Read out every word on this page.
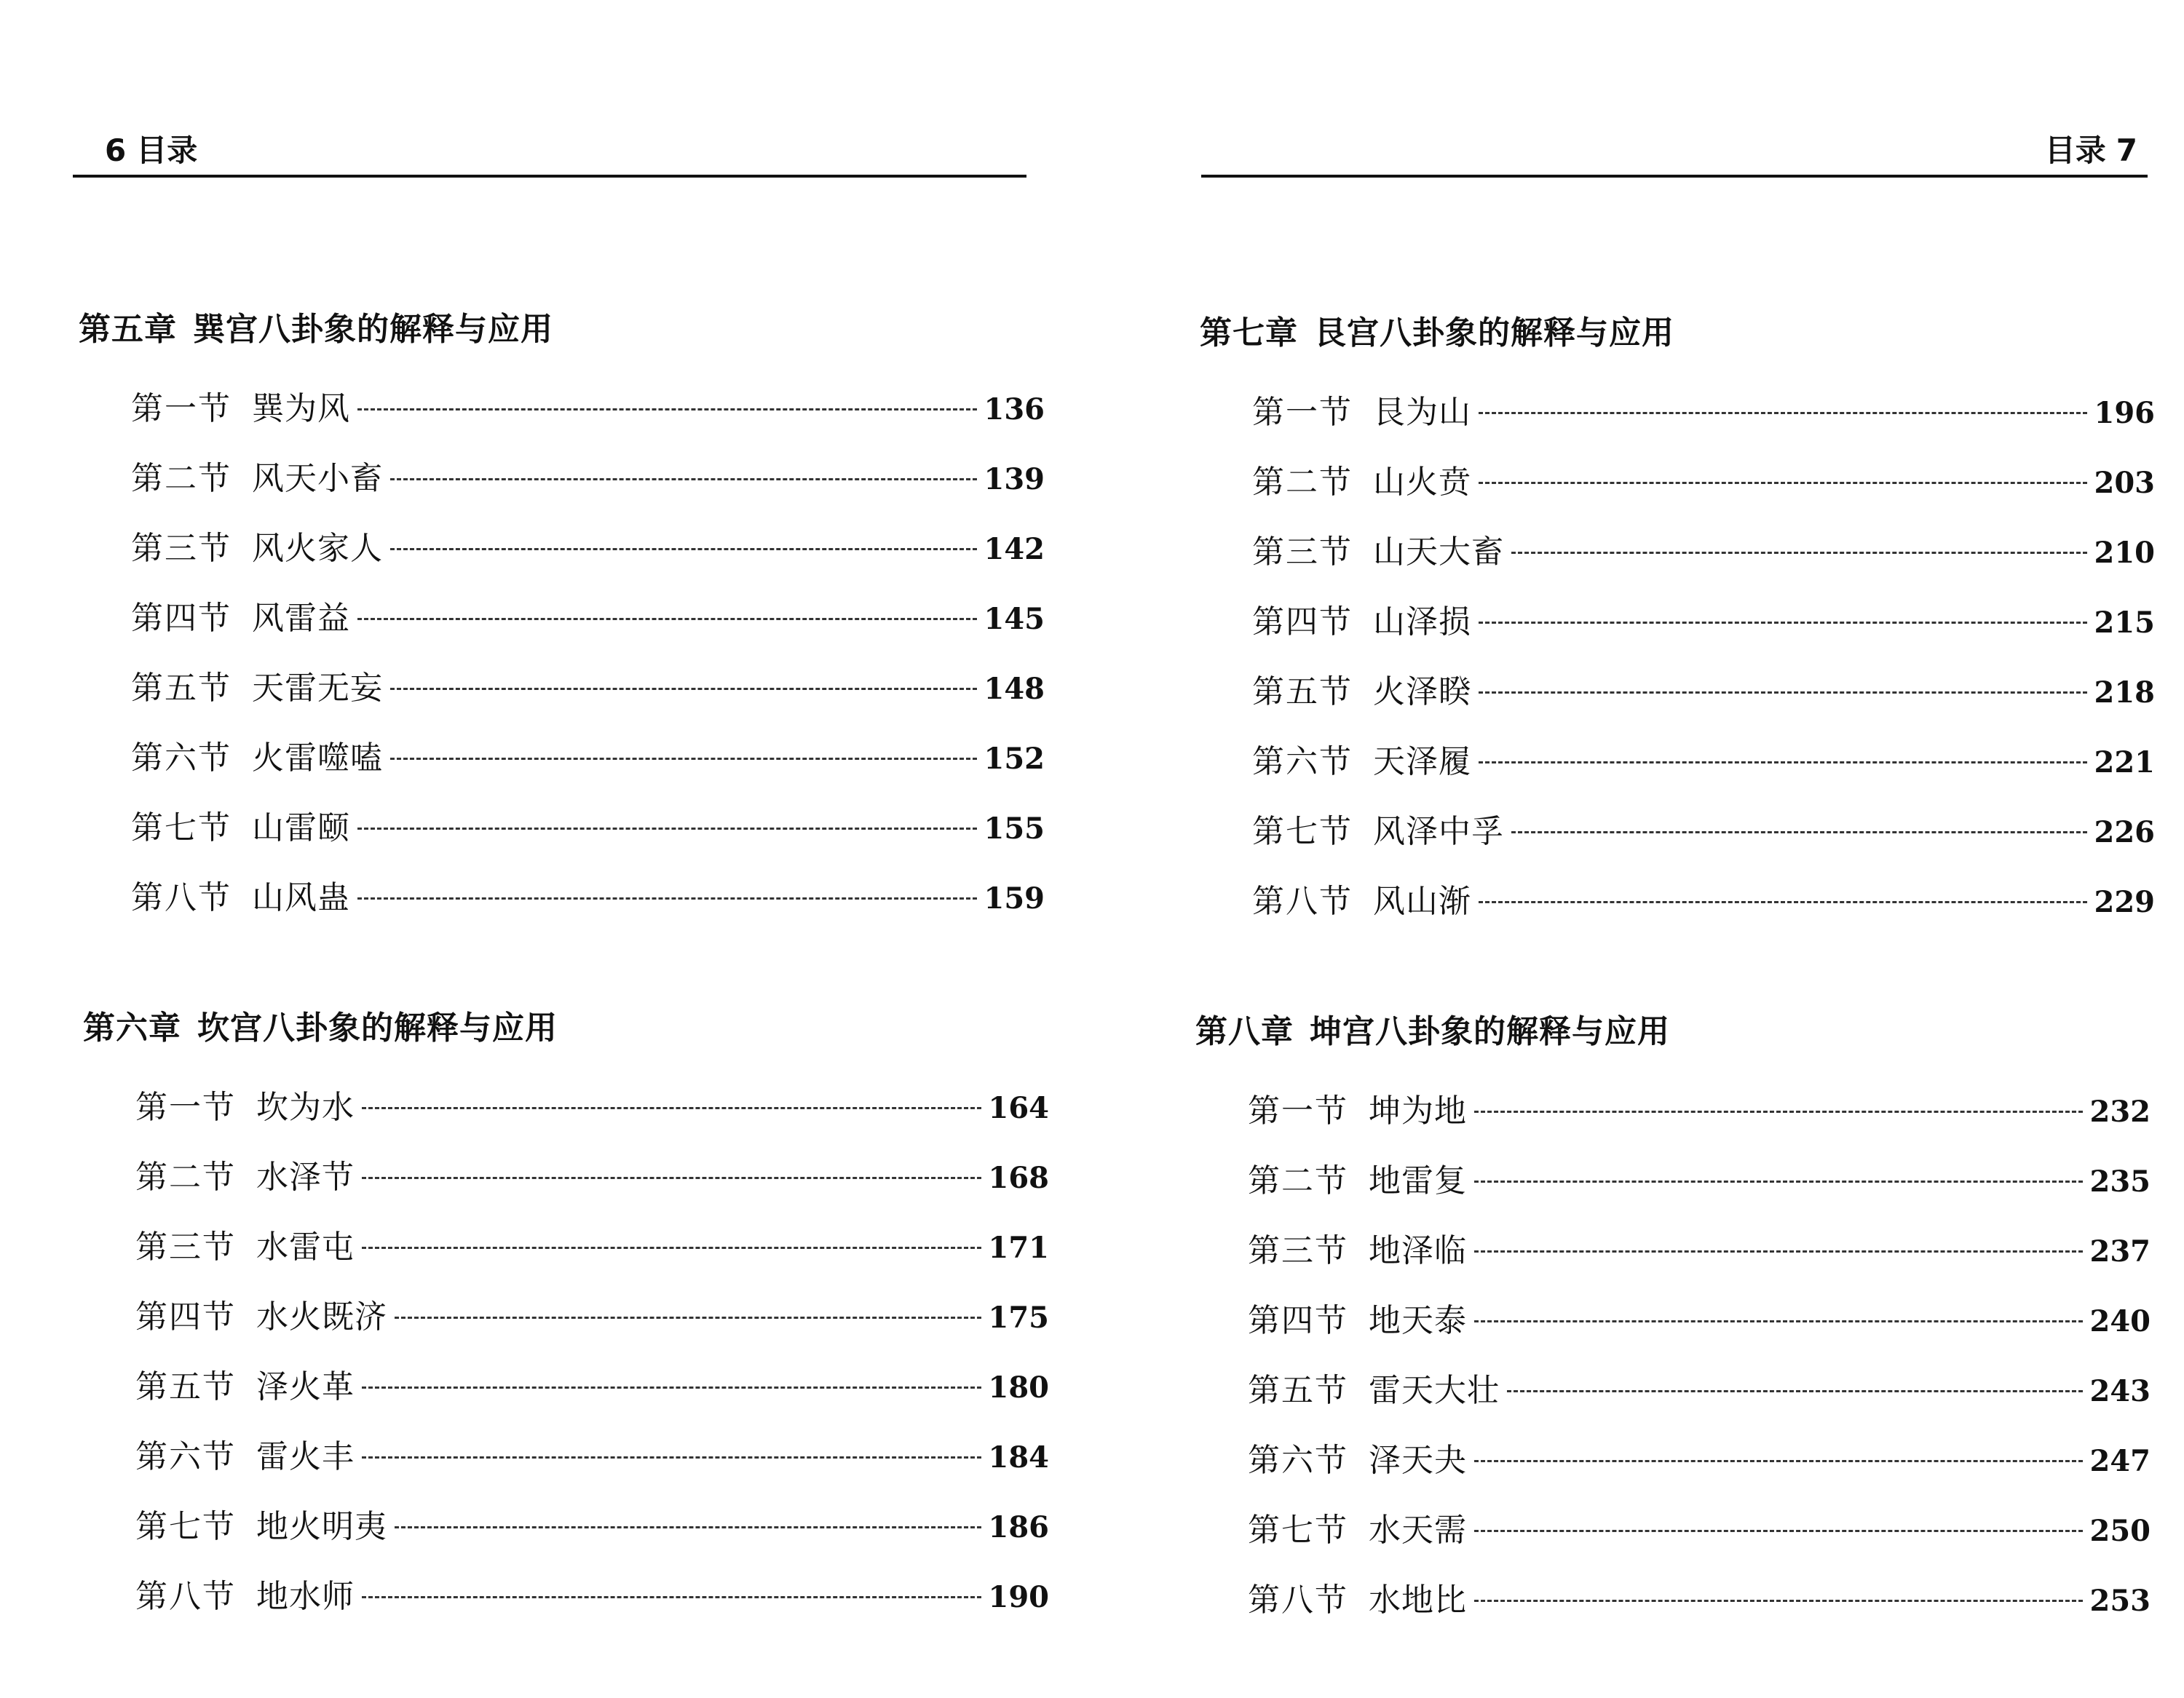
6 目录
第五章 巽宫八卦象的解释与应用
第一节 巽为风	136
第二节 风天小畜	139
第三节 风火家人	142
第四节 风雷益	145
第五节 天雷无妄	148
第六节 火雷噬嗑	152
第七节 山雷颐	155
第八节 山风蛊	159
第六章 坎宫八卦象的解释与应用
第一节 坎为水	164
第二节 水泽节	168
第三节 水雷屯	171
第四节 水火既济	175
第五节 泽火革	180
第六节 雷火丰	184
第七节 地火明夷	186
第八节 地水师	190
目录 7
第七章 艮宫八卦象的解释与应用
第一节 艮为山	196
第二节 山火贲	203
第三节 山天大畜	210
第四节 山泽损	215
第五节 火泽睽	218
第六节 天泽履	221
第七节 风泽中孚	226
第八节 风山渐	229
第八章 坤宫八卦象的解释与应用
第一节 坤为地	232
第二节 地雷复	235
第三节 地泽临	237
第四节 地天泰	240
第五节 雷天大壮	243
第六节 泽天夬	247
第七节 水天需	250
第八节 水地比	253
